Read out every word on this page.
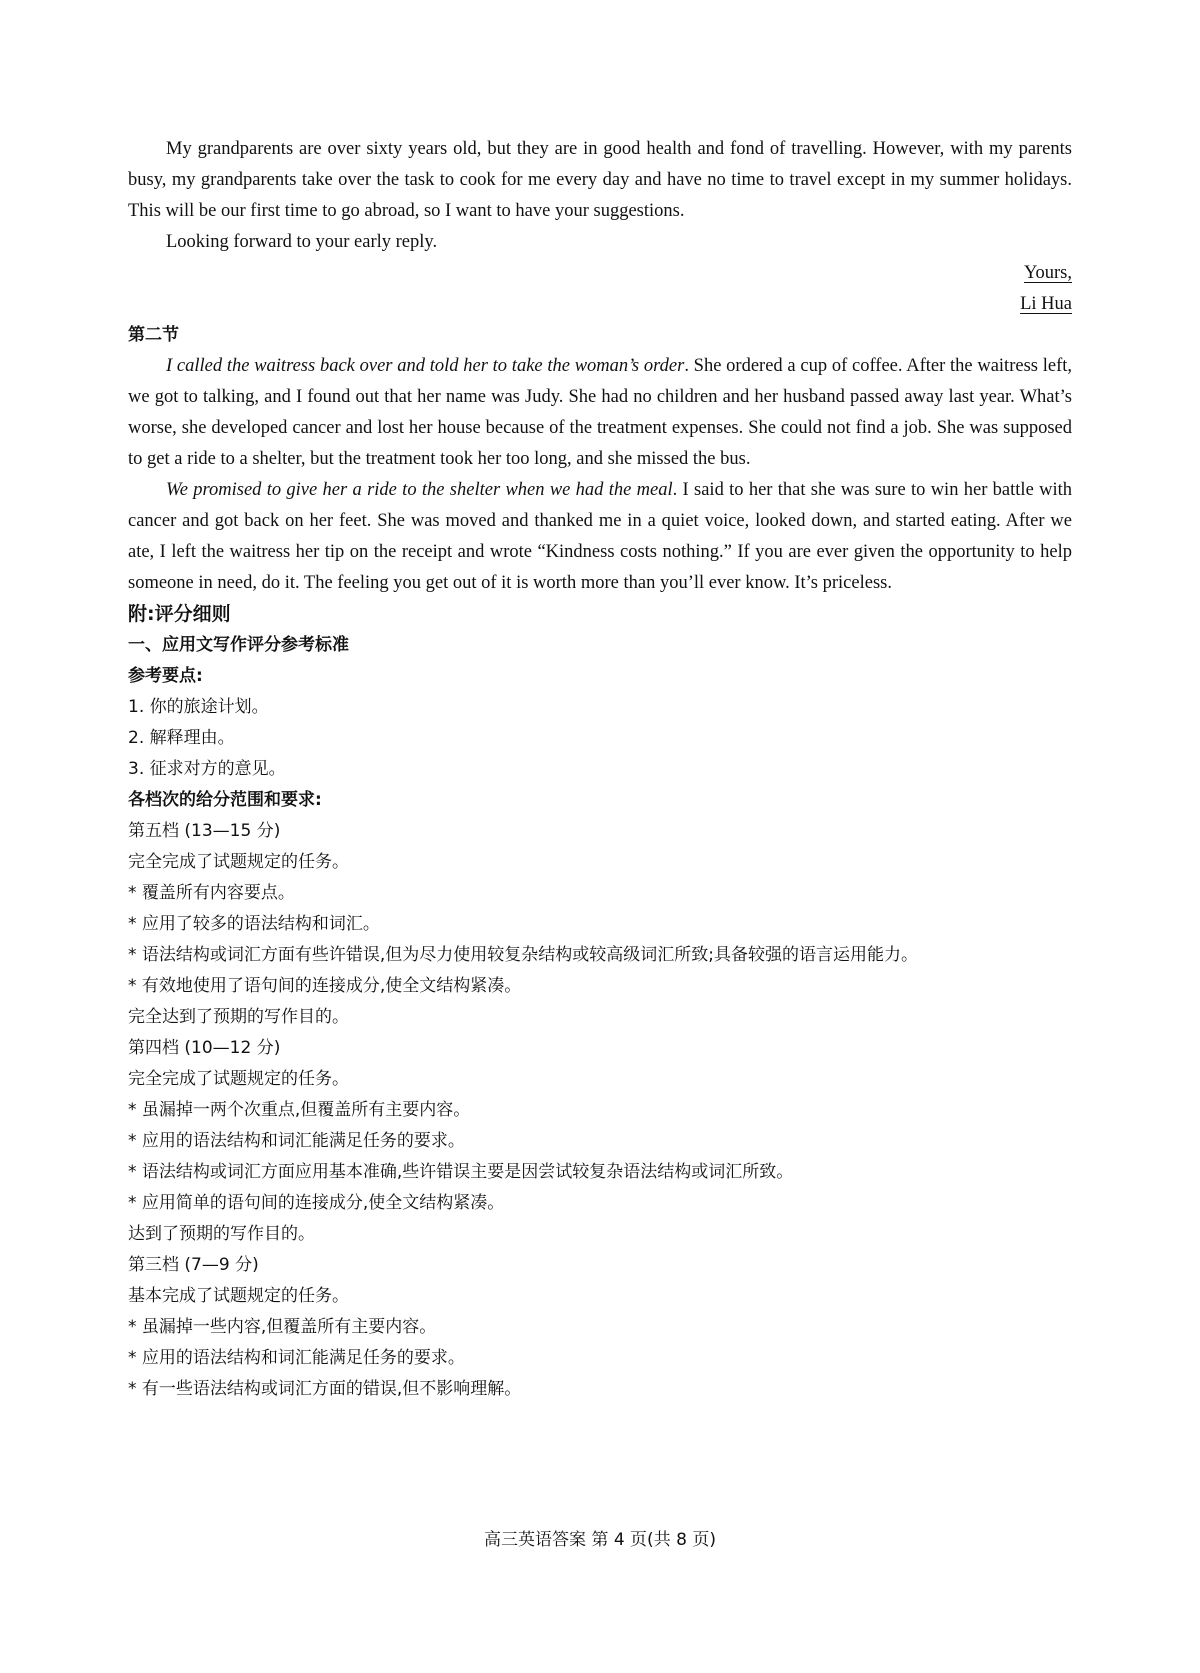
My grandparents are over sixty years old, but they are in good health and fond of travelling. However, with my parents busy, my grandparents take over the task to cook for me every day and have no time to travel except in my summer holidays. This will be our first time to go abroad, so I want to have your suggestions.

Looking forward to your early reply.

Yours,

Li Hua

第二节

I called the waitress back over and told her to take the woman’s order. She ordered a cup of coffee. After the waitress left, we got to talking, and I found out that her name was Judy. She had no children and her husband passed away last year. What’s worse, she developed cancer and lost her house because of the treatment expenses. She could not find a job. She was supposed to get a ride to a shelter, but the treatment took her too long, and she missed the bus.

We promised to give her a ride to the shelter when we had the meal. I said to her that she was sure to win her battle with cancer and got back on her feet. She was moved and thanked me in a quiet voice, looked down, and started eating. After we ate, I left the waitress her tip on the receipt and wrote “Kindness costs nothing.” If you are ever given the opportunity to help someone in need, do it. The feeling you get out of it is worth more than you’ll ever know. It’s priceless.

附:评分细则

一、应用文写作评分参考标准

参考要点:

1. 你的旅途计划。

2. 解释理由。

3. 征求对方的意见。

各档次的给分范围和要求:

第五档 (13—15 分)

完全完成了试题规定的任务。

* 覆盖所有内容要点。

* 应用了较多的语法结构和词汇。

* 语法结构或词汇方面有些许错误,但为尽力使用较复杂结构或较高级词汇所致;具备较强的语言运用能力。

* 有效地使用了语句间的连接成分,使全文结构紧凑。

完全达到了预期的写作目的。

第四档 (10—12 分)

完全完成了试题规定的任务。

* 虽漏掉一两个次重点,但覆盖所有主要内容。

* 应用的语法结构和词汇能满足任务的要求。

* 语法结构或词汇方面应用基本准确,些许错误主要是因尝试较复杂语法结构或词汇所致。

* 应用简单的语句间的连接成分,使全文结构紧凑。

达到了预期的写作目的。

第三档 (7—9 分)

基本完成了试题规定的任务。

* 虽漏掉一些内容,但覆盖所有主要内容。

* 应用的语法结构和词汇能满足任务的要求。

* 有一些语法结构或词汇方面的错误,但不影响理解。

高三英语答案 第 4 页(共 8 页)
